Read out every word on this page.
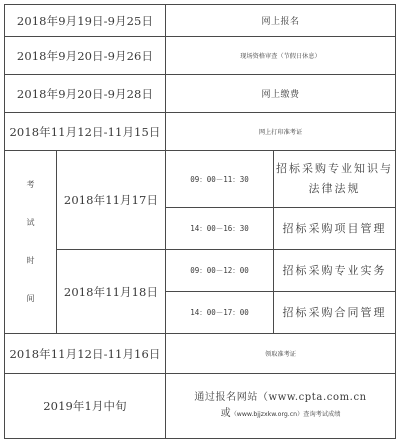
2018年9月19日-9月25日		网上报名	
2018年9月20日-9月26日		现场资格审查（节假日休息）	
2018年9月20日-9月28日		网上缴费	
2018年11月12日-11月15日		网上打印准考证	

考
试
时
间	2018年11月17日	09：00－11：30	招标采购专业知识与法律法规
		14：00－16：30	招标采购项目管理
	2018年11月18日	09：00－12：00	招标采购专业实务
		14：00－17：00	招标采购合同管理
2018年11月12日-11月16日		领取准考证	
2019年1月中旬		通过报名网站（www.cpta.com.cn
或（www.bjjzxkw.org.cn）查询考试成绩	
